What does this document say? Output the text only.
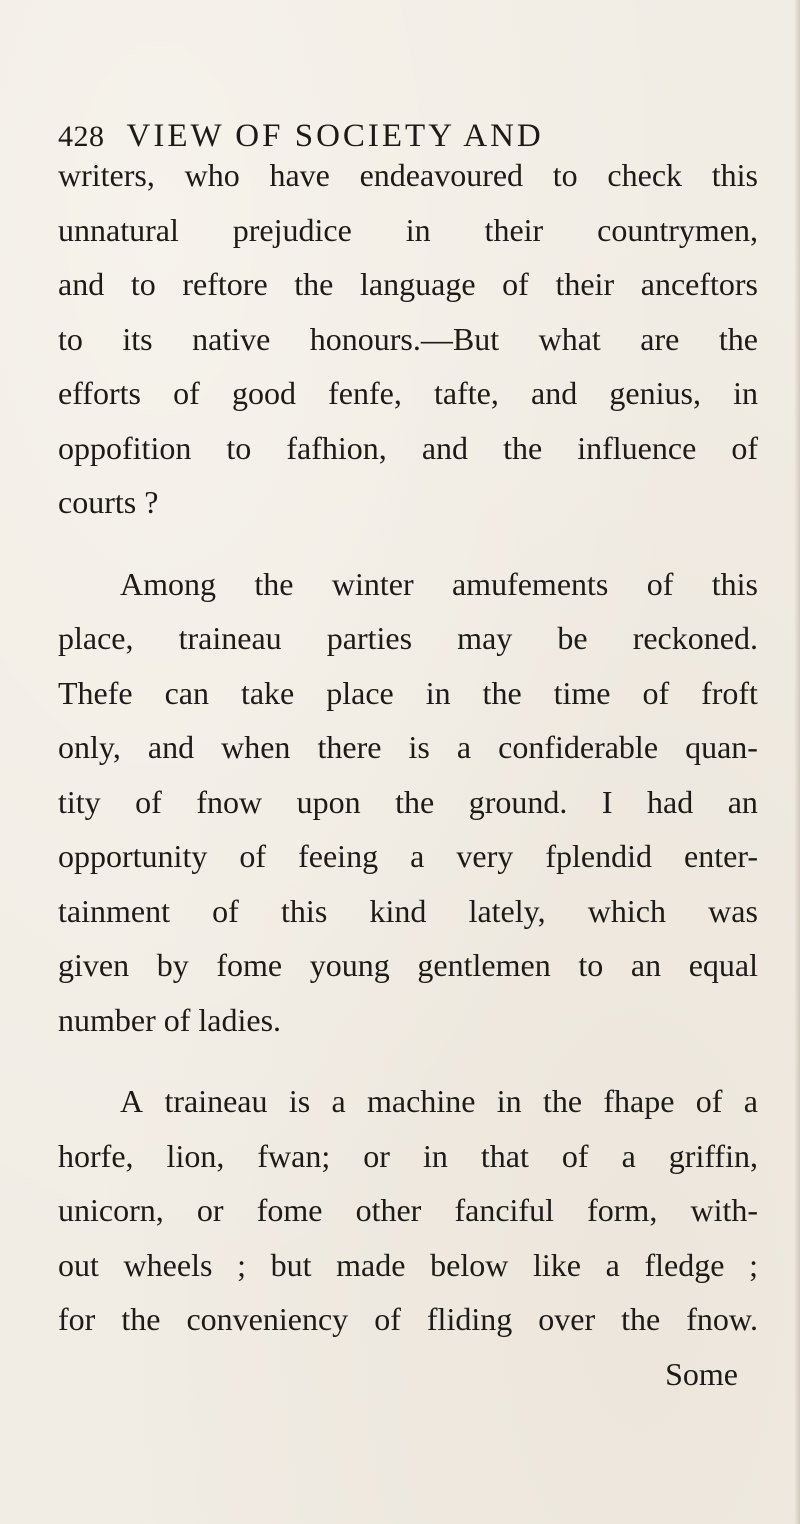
428 VIEW OF SOCIETY AND
writers, who have endeavoured to check this
unnatural prejudice in their countrymen,
and to reftore the language of their anceftors
to its native honours.—But what are the
efforts of good fenfe, tafte, and genius, in
oppofition to fafhion, and the influence of
courts ?
Among the winter amufements of this
place, traineau parties may be reckoned.
Thefe can take place in the time of froft
only, and when there is a confiderable quan-
tity of fnow upon the ground. I had an
opportunity of feeing a very fplendid enter-
tainment of this kind lately, which was
given by fome young gentlemen to an equal
number of ladies.
A traineau is a machine in the fhape of a
horfe, lion, fwan; or in that of a griffin,
unicorn, or fome other fanciful form, with-
out wheels ; but made below like a fledge ;
for the conveniency of fliding over the fnow.
Some
